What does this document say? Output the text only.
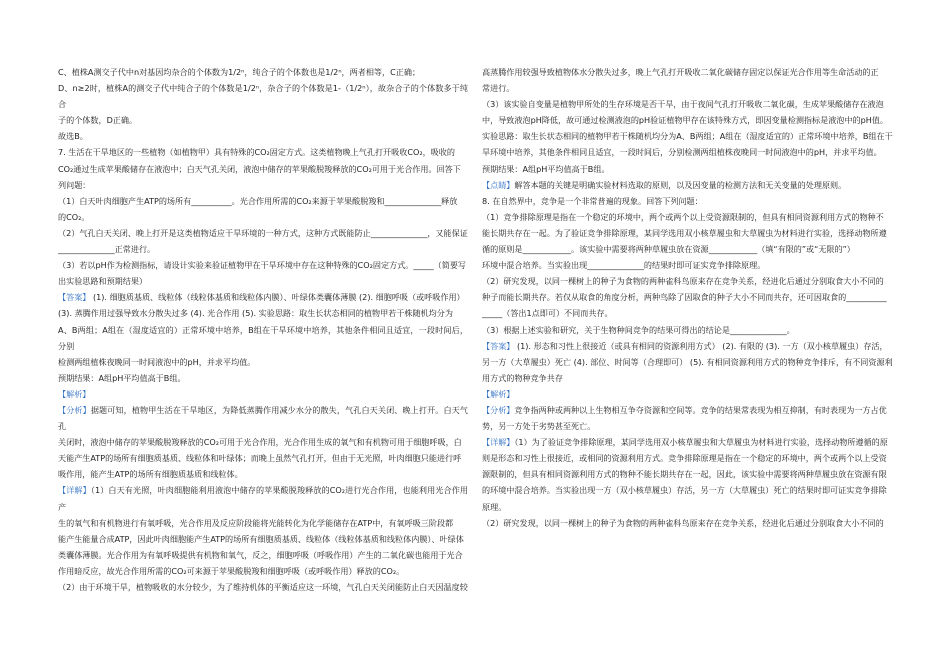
C、植株A测交子代中n对基因均杂合的个体数为1/2ⁿ，纯合子的个体数也是1/2ⁿ，两者相等，C正确；

D、n≥2时，植株A的测交子代中纯合子的个体数是1/2ⁿ，杂合子的个体数是1-（1/2ⁿ），故杂合子的个体数多于纯合

子的个体数，D正确。

故选B。

7. 生活在干旱地区的一些植物（如植物甲）具有特殊的CO₂固定方式。这类植物晚上气孔打开吸收CO₂，吸收的

CO₂通过生成苹果酸储存在液泡中；白天气孔关闭，液泡中储存的苹果酸脱羧释放的CO₂可用于光合作用。回答下

列问题：

（1）白天叶肉细胞产生ATP的场所有__________。光合作用所需的CO₂来源于苹果酸脱羧和______________释放

的CO₂。

（2）气孔白天关闭、晚上打开是这类植物适应干旱环境的一种方式，这种方式既能防止______________，又能保证

______________正常进行。

（3）若以pH作为检测指标，请设计实验来验证植物甲在干旱环境中存在这种特殊的CO₂固定方式。_____（简要写

出实验思路和预期结果）

【答案】 (1). 细胞质基质、线粒体（线粒体基质和线粒体内膜）、叶绿体类囊体薄膜 (2). 细胞呼吸（或呼吸作用）

(3). 蒸腾作用过强导致水分散失过多 (4). 光合作用 (5). 实验思路：取生长状态相同的植物甲若干株随机均分为

A、B两组；A组在（湿度适宜的）正常环境中培养，B组在干旱环境中培养，其他条件相同且适宜，一段时间后，分别

检测两组植株夜晚同一时间液泡中的pH，并求平均值。

预期结果：A组pH平均值高于B组。

【解析】

【分析】据题可知，植物甲生活在干旱地区，为降低蒸腾作用减少水分的散失，气孔白天关闭、晚上打开。白天气孔

关闭时，液泡中储存的苹果酸脱羧释放的CO₂可用于光合作用，光合作用生成的氧气和有机物可用于细胞呼吸，白

天能产生ATP的场所有细胞质基质、线粒体和叶绿体；而晚上虽然气孔打开，但由于无光照，叶肉细胞只能进行呼

吸作用，能产生ATP的场所有细胞质基质和线粒体。

【详解】（1）白天有光照，叶肉细胞能利用液泡中储存的苹果酸脱羧释放的CO₂进行光合作用，也能利用光合作用产

生的氧气和有机物进行有氧呼吸，光合作用及反应阶段能将光能转化为化学能储存在ATP中，有氧呼吸三阶段都

能产生能量合成ATP，因此叶肉细胞能产生ATP的场所有细胞质基质、线粒体（线粒体基质和线粒体内膜）、叶绿体

类囊体薄膜。光合作用为有氧呼吸提供有机物和氧气，反之，细胞呼吸（呼吸作用）产生的二氧化碳也能用于光合

作用暗反应，故光合作用所需的CO₂可来源于苹果酸脱羧和细胞呼吸（或呼吸作用）释放的CO₂。

（2）由于环境干旱，植物吸收的水分较少，为了维持机体的平衡适应这一环境，气孔白天关闭能防止白天因温度较

高蒸腾作用较强导致植物体水分散失过多，晚上气孔打开吸收二氧化碳储存固定以保证光合作用等生命活动的正

常进行。

（3）该实验自变量是植物甲所处的生存环境是否干旱，由于夜间气孔打开吸收二氧化碳，生成苹果酸储存在液泡

中，导致液泡pH降低，故可通过检测液泡的pH验证植物甲存在该特殊方式，即因变量检测指标是液泡中的pH值。

实验思路：取生长状态相同的植物甲若干株随机均分为A、B两组；A组在（湿度适宜的）正常环境中培养，B组在干

旱环境中培养，其他条件相同且适宜，一段时间后，分别检测两组植株夜晚同一时间液泡中的pH，并求平均值。

预期结果：A组pH平均值高于B组。

【点睛】解答本题的关键是明确实验材料选取的原则，以及因变量的检测方法和无关变量的处理原则。

8. 在自然界中，竞争是一个非常普遍的现象。回答下列问题：

（1）竞争排除原理是指在一个稳定的环境中，两个或两个以上受资源限制的，但具有相同资源利用方式的物种不

能长期共存在一起。为了验证竞争排除原理，某同学选用双小核草履虫和大草履虫为材料进行实验，选择动物所遵

循的原则是____________。该实验中需要将两种草履虫放在资源____________（填“有限的”或“无限的”）

环境中混合培养。当实验出现______________的结果时即可证实竞争排除原理。

（2）研究发现，以同一棵树上的种子为食物的两种雀科鸟原来存在竞争关系，经进化后通过分别取食大小不同的

种子而能长期共存。若仅从取食的角度分析，两种鸟除了因取食的种子大小不同而共存，还可因取食的__________

_____（答出1点即可）不同而共存。

（3）根据上述实验和研究，关于生物种间竞争的结果可得出的结论是______________。

【答案】 (1). 形态和习性上很接近（或具有相同的资源利用方式） (2). 有限的 (3). 一方（双小核草履虫）存活，

另一方（大草履虫）死亡 (4). 部位、时间等（合理即可） (5). 有相同资源利用方式的物种竞争排斥，有不同资源利

用方式的物种竞争共存

【解析】

【分析】竞争指两种或两种以上生物相互争夺资源和空间等。竞争的结果常表现为相互抑制，有时表现为一方占优

势，另一方处于劣势甚至死亡。

【详解】（1）为了验证竞争排除原理，某同学选用双小核草履虫和大草履虫为材料进行实验，选择动物所遵循的原

则是形态和习性上很接近，或相同的资源利用方式。竞争排除原理是指在一个稳定的环境中，两个或两个以上受资

源限制的，但具有相同资源利用方式的物种不能长期共存在一起，因此，该实验中需要将两种草履虫放在资源有限

的环境中混合培养。当实验出现一方（双小核草履虫）存活，另一方（大草履虫）死亡的结果时即可证实竞争排除

原理。

（2）研究发现，以同一棵树上的种子为食物的两种雀科鸟原来存在竞争关系，经进化后通过分别取食大小不同的
